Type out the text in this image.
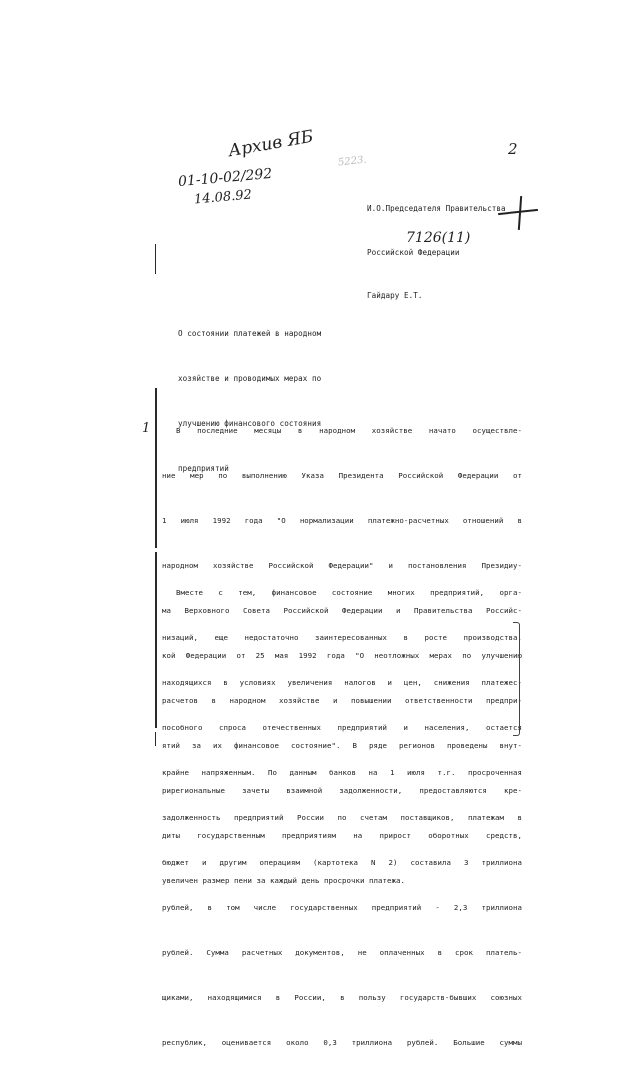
Архив ЯБ
5223.
2
01-10-02/292
14.08.92
7126(11)
1

И.О.Председателя Правительства

Российской Федерации

Гайдару Е.Т.

О состоянии платежей в народном

хозяйстве и проводимых мерах по

улучшению финансового состояния

предприятий

В последние месяцы в народном хозяйстве начато осуществле-

ние мер по выполнению Указа Президента Российской Федерации от

1 июля 1992 года "О нормализации платежно-расчетных отношений в

народном хозяйстве Российской Федерации" и постановления Президиу-

ма Верховного Совета Российской Федерации и Правительства Российс-

кой Федерации от 25 мая 1992 года "О неотложных мерах по улучшению

расчетов в народном хозяйстве и повышении ответственности предпри-

ятий за их финансовое состояние". В ряде регионов проведены внут-

рирегиональные зачеты взаимной задолженности, предоставляются кре-

диты государственным предприятиям на прирост оборотных средств,

увеличен размер пени за каждый день просрочки платежа.

Вместе с тем, финансовое состояние многих предприятий, орга-

низаций, еще недостаточно заинтересованных в росте производства,

находящихся в условиях увеличения налогов и цен, снижения платежес-

пособного спроса отечественных предприятий и населения, остается

крайне напряженным. По данным банков на 1 июля т.г. просроченная

задолженность предприятий России по счетам поставщиков, платежам в

бюджет и другим операциям (картотека N 2) составила 3 триллиона

рублей, в том числе государственных предприятий - 2,3 триллиона

рублей. Сумма расчетных документов, не оплаченных в срок платель-

щиками, находящимися в России, в пользу государств-бывших союзных

республик, оценивается около 0,3 триллиона рублей. Большие суммы
